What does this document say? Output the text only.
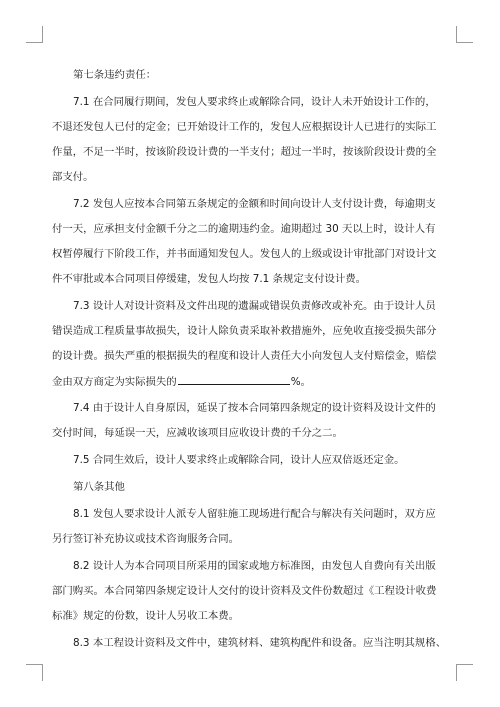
第七条违约责任：
7.1 在合同履行期间，发包人要求终止或解除合同，设计人未开始设计工作的，
不退还发包人已付的定金；已开始设计工作的，发包人应根据设计人已进行的实际工
作量，不足一半时，按该阶段设计费的一半支付；超过一半时，按该阶段设计费的全
部支付。
7.2 发包人应按本合同第五条规定的金额和时间向设计人支付设计费，每逾期支
付一天，应承担支付金额千分之二的逾期违约金。逾期超过 30 天以上时，设计人有
权暂停履行下阶段工作，并书面通知发包人。发包人的上级或设计审批部门对设计文
件不审批或本合同项目停缓建，发包人均按 7.1 条规定支付设计费。
7.3 设计人对设计资料及文件出现的遗漏或错误负责修改或补充。由于设计人员
错误造成工程质量事故损失，设计人除负责采取补救措施外，应免收直接受损失部分
的设计费。损失严重的根据损失的程度和设计人责任大小向发包人支付赔偿金，赔偿
金由双方商定为实际损失的	%。
7.4 由于设计人自身原因，延误了按本合同第四条规定的设计资料及设计文件的
交付时间，每延误一天，应减收该项目应收设计费的千分之二。
7.5 合同生效后，设计人要求终止或解除合同，设计人应双倍返还定金。
第八条其他
8.1 发包人要求设计人派专人留驻施工现场进行配合与解决有关问题时，双方应
另行签订补充协议或技术咨询服务合同。
8.2 设计人为本合同项目所采用的国家或地方标准图，由发包人自费向有关出版
部门购买。本合同第四条规定设计人交付的设计资料及文件份数超过《工程设计收费
标准》规定的份数，设计人另收工本费。
8.3 本工程设计资料及文件中，建筑材料、建筑构配件和设备。应当注明其规格、
